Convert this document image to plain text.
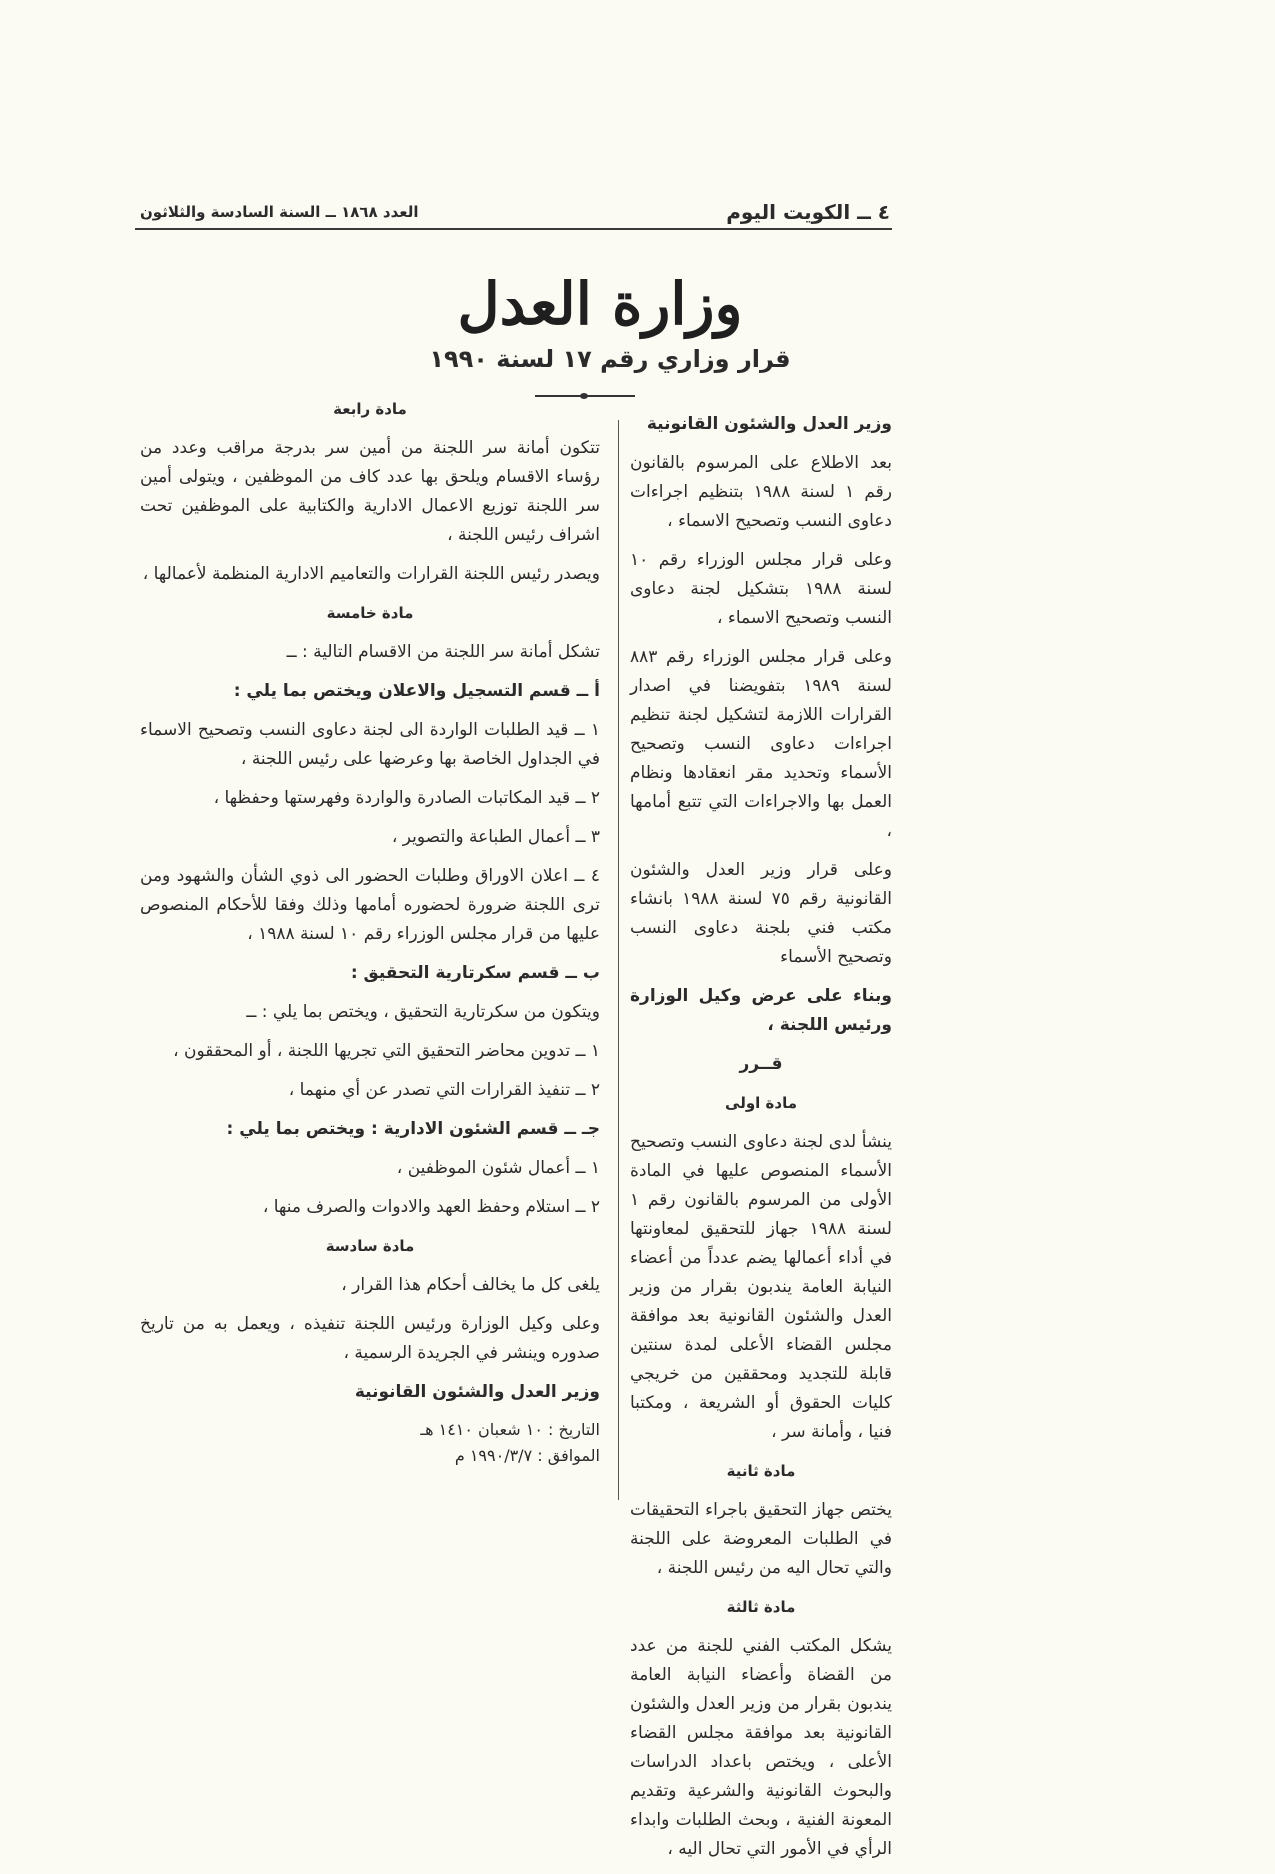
٤ ــ الكويت اليوم
العدد ١٨٦٨ ــ السنة السادسة والثلاثون
وزارة العدل
قرار وزاري رقم ١٧ لسنة ١٩٩٠

وزير العدل والشئون القانونية

بعد الاطلاع على المرسوم بالقانون رقم ١ لسنة ١٩٨٨ بتنظيم اجراءات دعاوى النسب وتصحيح الاسماء ،

وعلى قرار مجلس الوزراء رقم ١٠ لسنة ١٩٨٨ بتشكيل لجنة دعاوى النسب وتصحيح الاسماء ،

وعلى قرار مجلس الوزراء رقم ٨٨٣ لسنة ١٩٨٩ بتفويضنا في اصدار القرارات اللازمة لتشكيل لجنة تنظيم اجراءات دعاوى النسب وتصحيح الأسماء وتحديد مقر انعقادها ونظام العمل بها والاجراءات التي تتبع أمامها ،

وعلى قرار وزير العدل والشئون القانونية رقم ٧٥ لسنة ١٩٨٨ بانشاء مكتب فني بلجنة دعاوى النسب وتصحيح الأسماء

وبناء على عرض وكيل الوزارة ورئيس اللجنة ،

قــرر

مادة اولى

ينشأ لدى لجنة دعاوى النسب وتصحيح الأسماء المنصوص عليها في المادة الأولى من المرسوم بالقانون رقم ١ لسنة ١٩٨٨ جهاز للتحقيق لمعاونتها في أداء أعمالها يضم عدداً من أعضاء النيابة العامة يندبون بقرار من وزير العدل والشئون القانونية بعد موافقة مجلس القضاء الأعلى لمدة سنتين قابلة للتجديد ومحققين من خريجي كليات الحقوق أو الشريعة ، ومكتبا فنيا ، وأمانة سر ،

مادة ثانية

يختص جهاز التحقيق باجراء التحقيقات في الطلبات المعروضة على اللجنة والتي تحال اليه من رئيس اللجنة ،

مادة ثالثة

يشكل المكتب الفني للجنة من عدد من القضاة وأعضاء النيابة العامة يندبون بقرار من وزير العدل والشئون القانونية بعد موافقة مجلس القضاء الأعلى ، ويختص باعداد الدراسات والبحوث القانونية والشرعية وتقديم المعونة الفنية ، وبحث الطلبات وابداء الرأي في الأمور التي تحال اليه ،

مادة رابعة

تتكون أمانة سر اللجنة من أمين سر بدرجة مراقب وعدد من رؤساء الاقسام ويلحق بها عدد كاف من الموظفين ، ويتولى أمين سر اللجنة توزيع الاعمال الادارية والكتابية على الموظفين تحت اشراف رئيس اللجنة ،

ويصدر رئيس اللجنة القرارات والتعاميم الادارية المنظمة لأعمالها ،

مادة خامسة

تشكل أمانة سر اللجنة من الاقسام التالية : ــ

أ ــ قسم التسجيل والاعلان ويختص بما يلي :

١ ــ قيد الطلبات الواردة الى لجنة دعاوى النسب وتصحيح الاسماء في الجداول الخاصة بها وعرضها على رئيس اللجنة ،

٢ ــ قيد المكاتبات الصادرة والواردة وفهرستها وحفظها ،

٣ ــ أعمال الطباعة والتصوير ،

٤ ــ اعلان الاوراق وطلبات الحضور الى ذوي الشأن والشهود ومن ترى اللجنة ضرورة لحضوره أمامها وذلك وفقا للأحكام المنصوص عليها من قرار مجلس الوزراء رقم ١٠ لسنة ١٩٨٨ ،

ب ــ قسم سكرتارية التحقيق :

ويتكون من سكرتارية التحقيق ، ويختص بما يلي : ــ

١ ــ تدوين محاضر التحقيق التي تجريها اللجنة ، أو المحققون ،

٢ ــ تنفيذ القرارات التي تصدر عن أي منهما ،

جـ ــ قسم الشئون الادارية : ويختص بما يلي :

١ ــ أعمال شئون الموظفين ،

٢ ــ استلام وحفظ العهد والادوات والصرف منها ،

مادة سادسة

يلغى كل ما يخالف أحكام هذا القرار ،

وعلى وكيل الوزارة ورئيس اللجنة تنفيذه ، ويعمل به من تاريخ صدوره وينشر في الجريدة الرسمية ،

وزير العدل والشئون القانونية

التاريخ : ١٠ شعبان ١٤١٠ هـ
الموافق : ١٩٩٠/٣/٧ م
